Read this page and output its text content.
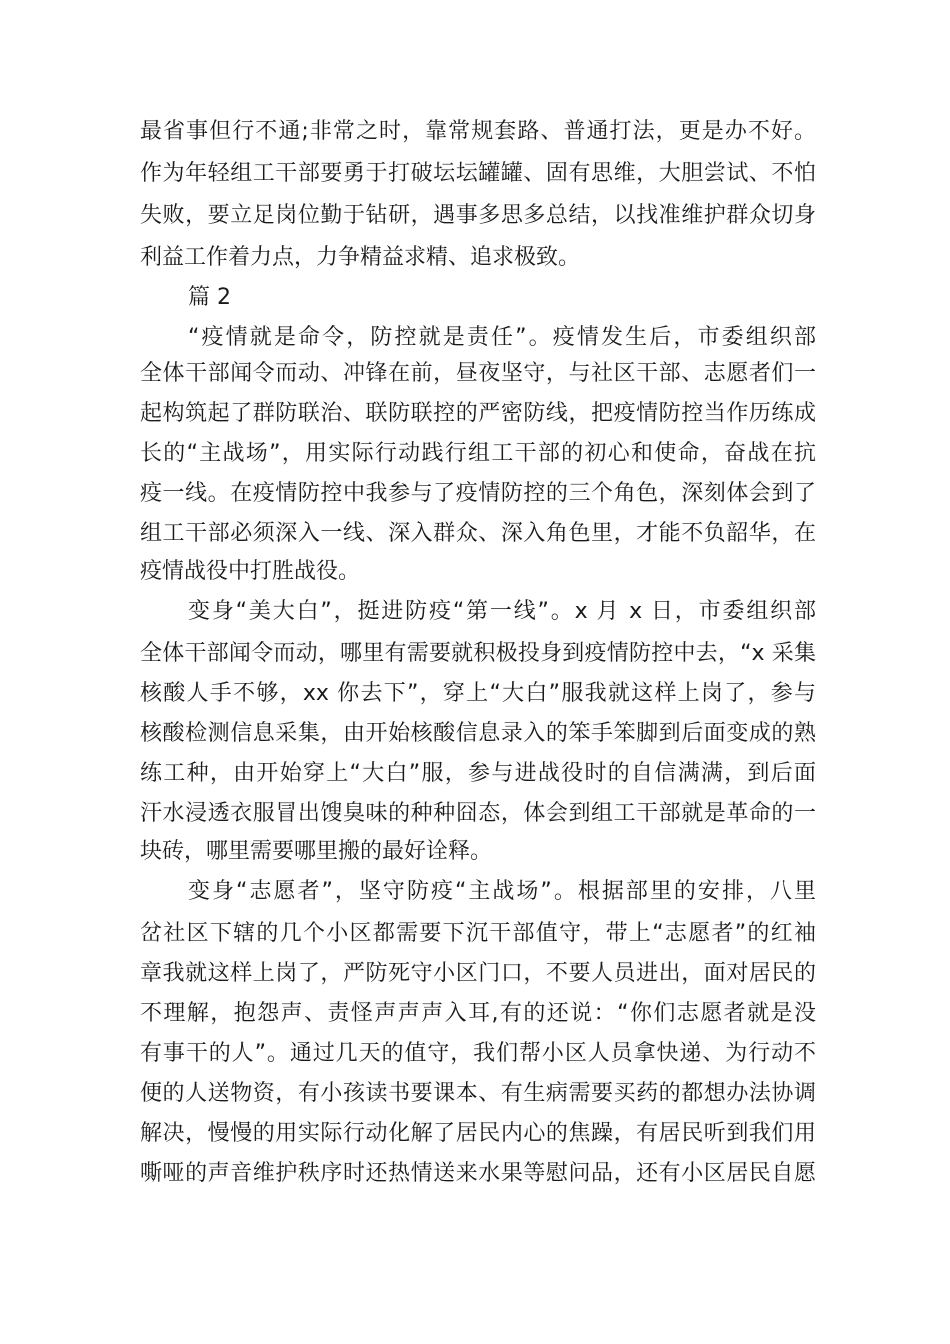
最省事但行不通;非常之时，靠常规套路、普通打法，更是办不好。
作为年轻组工干部要勇于打破坛坛罐罐、固有思维，大胆尝试、不怕
失败，要立足岗位勤于钻研，遇事多思多总结，以找准维护群众切身
利益工作着力点，力争精益求精、追求极致。
篇 2
“疫情就是命令，防控就是责任”。疫情发生后，市委组织部
全体干部闻令而动、冲锋在前，昼夜坚守，与社区干部、志愿者们一
起构筑起了群防联治、联防联控的严密防线，把疫情防控当作历练成
长的“主战场”，用实际行动践行组工干部的初心和使命，奋战在抗
疫一线。在疫情防控中我参与了疫情防控的三个角色，深刻体会到了
组工干部必须深入一线、深入群众、深入角色里，才能不负韶华，在
疫情战役中打胜战役。
变身“美大白”，挺进防疫“第一线”。x 月 x 日，市委组织部
全体干部闻令而动，哪里有需要就积极投身到疫情防控中去，“x 采集
核酸人手不够，xx 你去下”，穿上“大白”服我就这样上岗了，参与
核酸检测信息采集，由开始核酸信息录入的笨手笨脚到后面变成的熟
练工种，由开始穿上“大白”服，参与进战役时的自信满满，到后面
汗水浸透衣服冒出馊臭味的种种囧态，体会到组工干部就是革命的一
块砖，哪里需要哪里搬的最好诠释。
变身“志愿者”，坚守防疫“主战场”。根据部里的安排，八里
岔社区下辖的几个小区都需要下沉干部值守，带上“志愿者”的红袖
章我就这样上岗了，严防死守小区门口，不要人员进出，面对居民的
不理解，抱怨声、责怪声声声入耳,有的还说：“你们志愿者就是没
有事干的人”。通过几天的值守，我们帮小区人员拿快递、为行动不
便的人送物资，有小孩读书要课本、有生病需要买药的都想办法协调
解决，慢慢的用实际行动化解了居民内心的焦躁，有居民听到我们用
嘶哑的声音维护秩序时还热情送来水果等慰问品，还有小区居民自愿
